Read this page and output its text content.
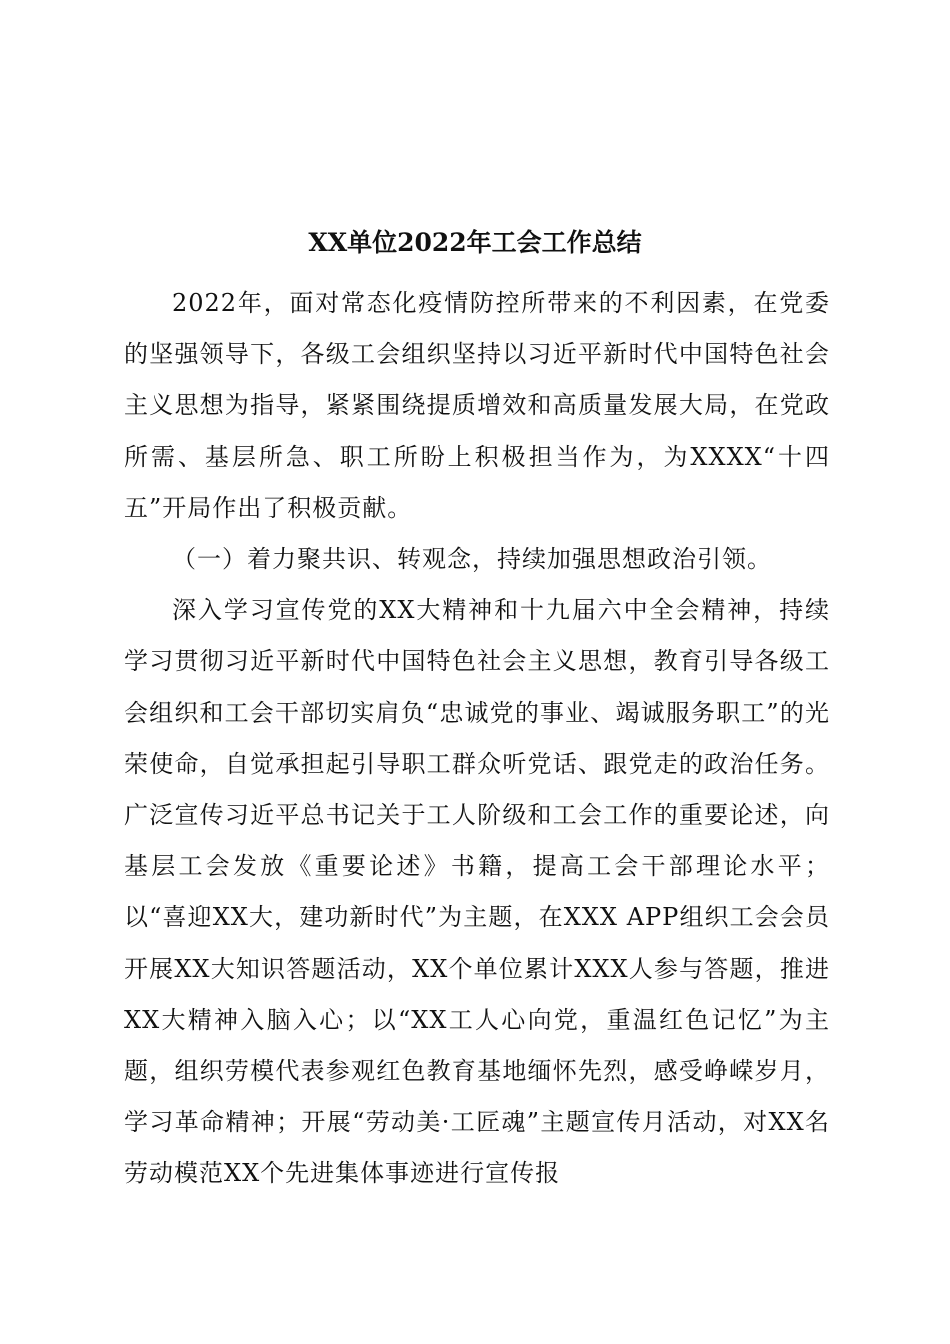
XX单位2022年工会工作总结

2022年，面对常态化疫情防控所带来的不利因素，在党委的坚强领导下，各级工会组织坚持以习近平新时代中国特色社会主义思想为指导，紧紧围绕提质增效和高质量发展大局，在党政所需、基层所急、职工所盼上积极担当作为，为XXXX“十四五”开局作出了积极贡献。

（一）着力聚共识、转观念，持续加强思想政治引领。

深入学习宣传党的XX大精神和十九届六中全会精神，持续学习贯彻习近平新时代中国特色社会主义思想，教育引导各级工会组织和工会干部切实肩负“忠诚党的事业、竭诚服务职工”的光荣使命，自觉承担起引导职工群众听党话、跟党走的政治任务。广泛宣传习近平总书记关于工人阶级和工会工作的重要论述，向基层工会发放《重要论述》书籍，提高工会干部理论水平；以“喜迎XX大，建功新时代”为主题，在XXX APP组织工会会员开展XX大知识答题活动，XX个单位累计XXX人参与答题，推进XX大精神入脑入心；以“XX工人心向党，重温红色记忆”为主题，组织劳模代表参观红色教育基地缅怀先烈，感受峥嵘岁月，学习革命精神；开展“劳动美·工匠魂”主题宣传月活动，对XX名劳动模范XX个先进集体事迹进行宣传报
